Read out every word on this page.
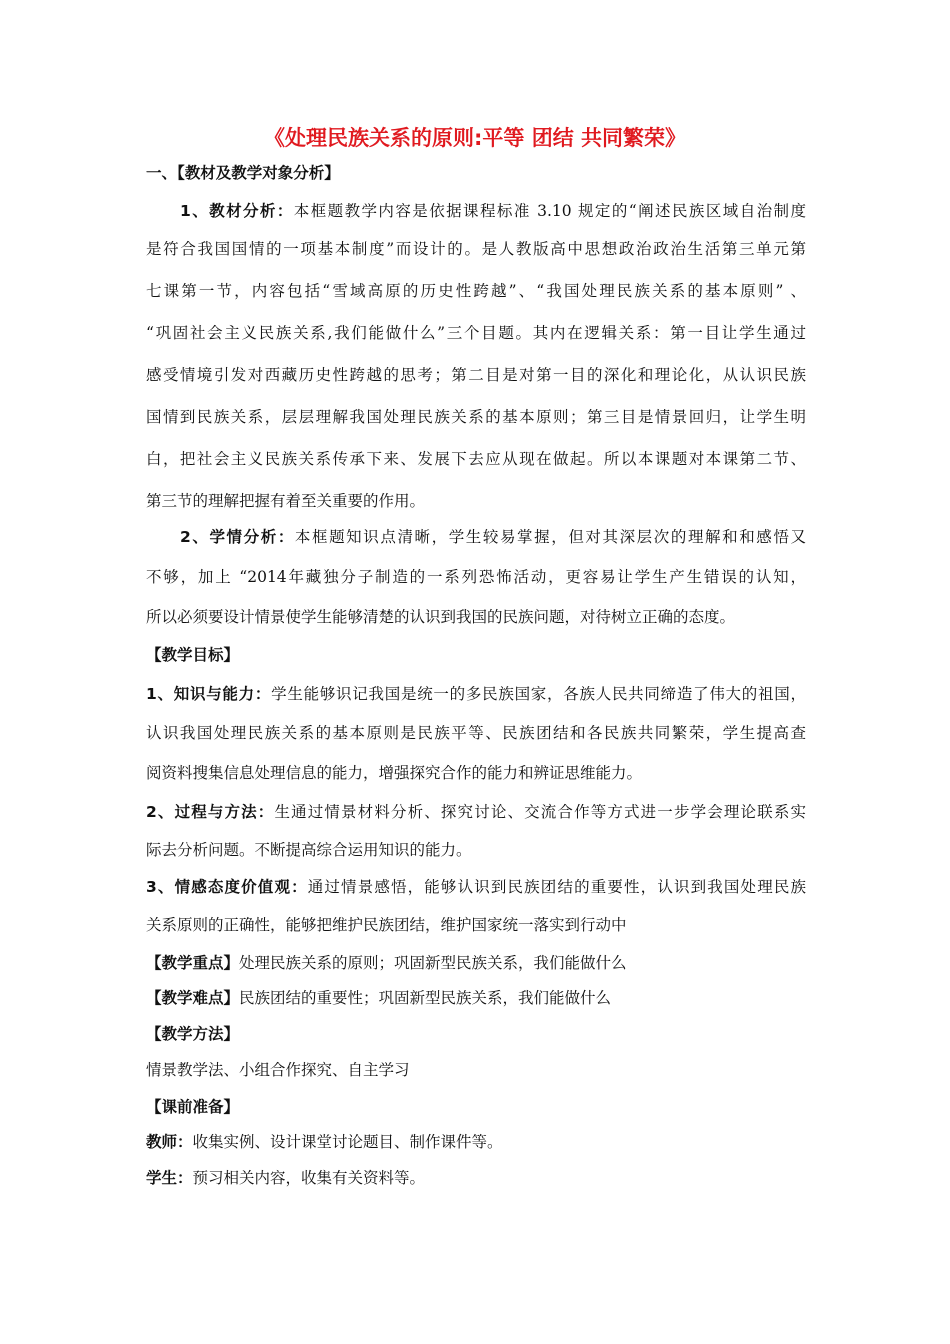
《处理民族关系的原则:平等 团结 共同繁荣》
一、【教材及教学对象分析】
1、教材分析：本框题教学内容是依据课程标准 3.10 规定的“阐述民族区域自治制度
是符合我国国情的一项基本制度”而设计的。是人教版高中思想政治政治生活第三单元第
七课第一节，内容包括“雪域高原的历史性跨越”、“我国处理民族关系的基本原则” 、
“巩固社会主义民族关系,我们能做什么”三个目题。其内在逻辑关系：第一目让学生通过
感受情境引发对西藏历史性跨越的思考；第二目是对第一目的深化和理论化，从认识民族
国情到民族关系，层层理解我国处理民族关系的基本原则；第三目是情景回归，让学生明
白，把社会主义民族关系传承下来、发展下去应从现在做起。所以本课题对本课第二节、
第三节的理解把握有着至关重要的作用。
2、学情分析：本框题知识点清晰，学生较易掌握，但对其深层次的理解和和感悟又
不够，加上 “2014年藏独分子制造的一系列恐怖活动，更容易让学生产生错误的认知，
所以必须要设计情景使学生能够清楚的认识到我国的民族问题，对待树立正确的态度。
【教学目标】
1、知识与能力：学生能够识记我国是统一的多民族国家，各族人民共同缔造了伟大的祖国，
认识我国处理民族关系的基本原则是民族平等、民族团结和各民族共同繁荣，学生提高查
阅资料搜集信息处理信息的能力，增强探究合作的能力和辨证思维能力。
2、过程与方法：生通过情景材料分析、探究讨论、交流合作等方式进一步学会理论联系实
际去分析问题。不断提高综合运用知识的能力。
3、情感态度价值观：通过情景感悟，能够认识到民族团结的重要性，认识到我国处理民族
关系原则的正确性，能够把维护民族团结，维护国家统一落实到行动中
【教学重点】处理民族关系的原则；巩固新型民族关系，我们能做什么
【教学难点】民族团结的重要性；巩固新型民族关系，我们能做什么
【教学方法】
情景教学法、小组合作探究、自主学习
【课前准备】
教师：收集实例、设计课堂讨论题目、制作课件等。
学生：预习相关内容，收集有关资料等。
